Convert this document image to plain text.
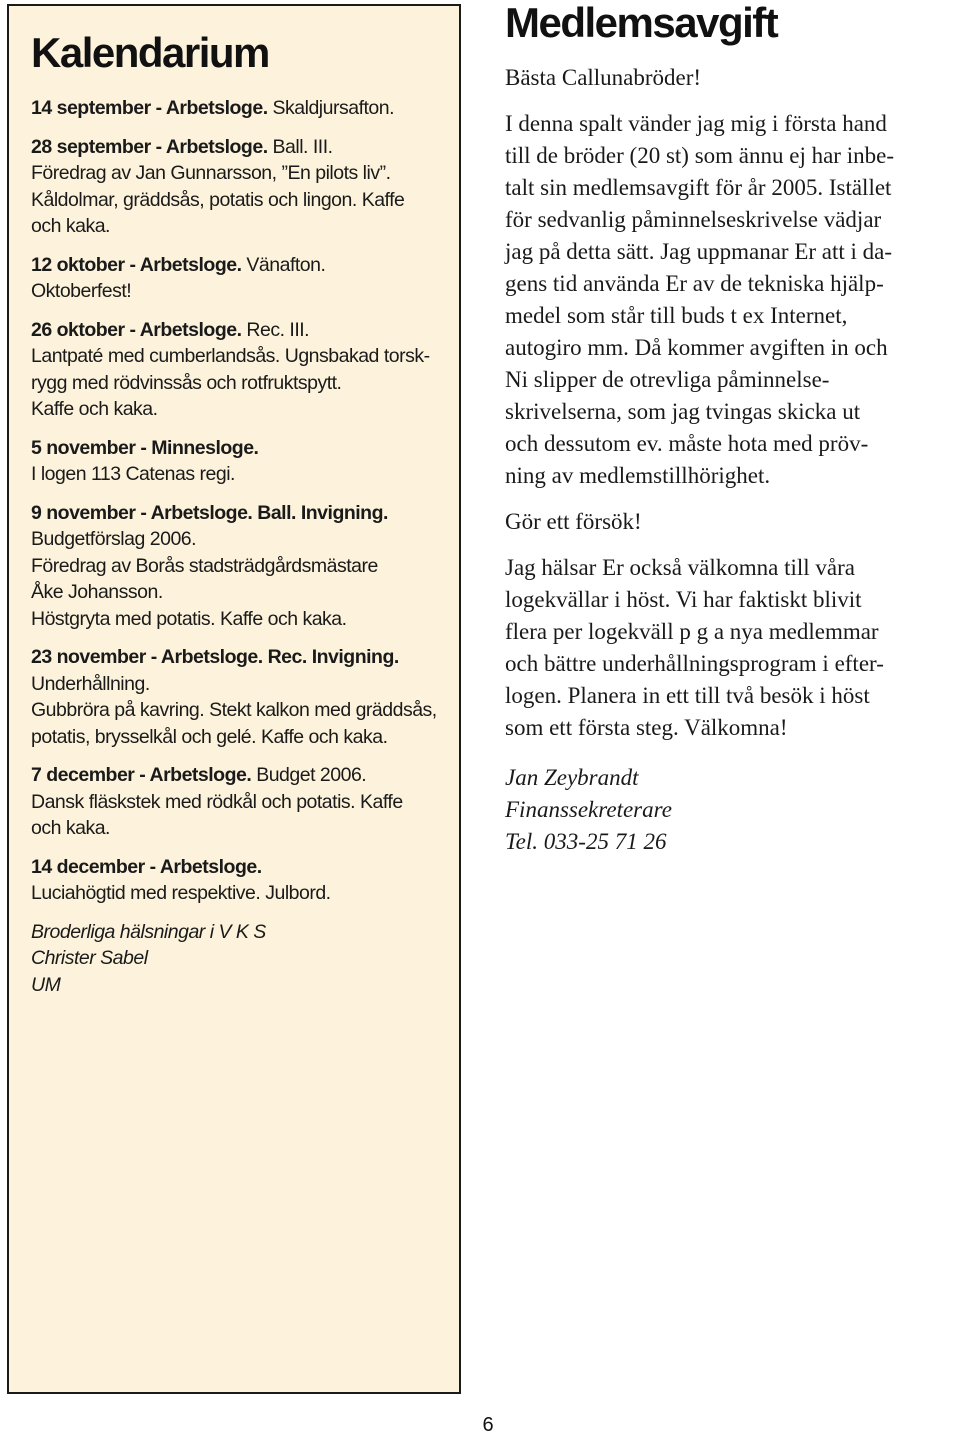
Kalendarium
14 september - Arbetsloge. Skaldjursafton.
28 september - Arbetsloge. Ball. III.
Föredrag av Jan Gunnarsson, ”En pilots liv”.
Kåldolmar, gräddsås, potatis och lingon. Kaffe
och kaka.
12 oktober - Arbetsloge. Vänafton.
Oktoberfest!
26 oktober - Arbetsloge. Rec. III.
Lantpaté med cumberlandsås. Ugnsbakad torsk-
rygg med rödvinssås och rotfruktspytt.
Kaffe och kaka.
5 november - Minnesloge.
I logen 113 Catenas regi.
9 november - Arbetsloge. Ball. Invigning.
Budgetförslag 2006.
Föredrag av Borås stadsträdgårdsmästare
Åke Johansson.
Höstgryta med potatis. Kaffe och kaka.
23 november - Arbetsloge. Rec. Invigning.
Underhållning.
Gubbröra på kavring. Stekt kalkon med gräddsås,
potatis, brysselkål och gelé. Kaffe och kaka.
7 december - Arbetsloge. Budget 2006.
Dansk fläskstek med rödkål och potatis. Kaffe
och kaka.
14 december - Arbetsloge.
Luciahögtid med respektive. Julbord.
Broderliga hälsningar i V K S
Christer Sabel
UM
Medlemsavgift
Bästa Callunabröder!
I denna spalt vänder jag mig i första hand
till de bröder (20 st) som ännu ej har inbe-
talt sin medlemsavgift för år 2005. Istället
för sedvanlig påminnelseskrivelse vädjar
jag på detta sätt. Jag uppmanar Er att i da-
gens tid använda Er av de tekniska hjälp-
medel som står till buds t ex Internet,
autogiro mm. Då kommer avgiften in och
Ni slipper de otrevliga påminnelse-
skrivelserna, som jag tvingas skicka ut
och dessutom ev. måste hota med pröv-
ning av medlemstillhörighet.
Gör ett försök!
Jag hälsar Er också välkomna till våra
logekvällar i höst. Vi har faktiskt blivit
flera per logekväll p g a nya medlemmar
och bättre underhållningsprogram i efter-
logen. Planera in ett till två besök i höst
som ett första steg. Välkomna!
Jan Zeybrandt
Finanssekreterare
Tel. 033-25 71 26
6
